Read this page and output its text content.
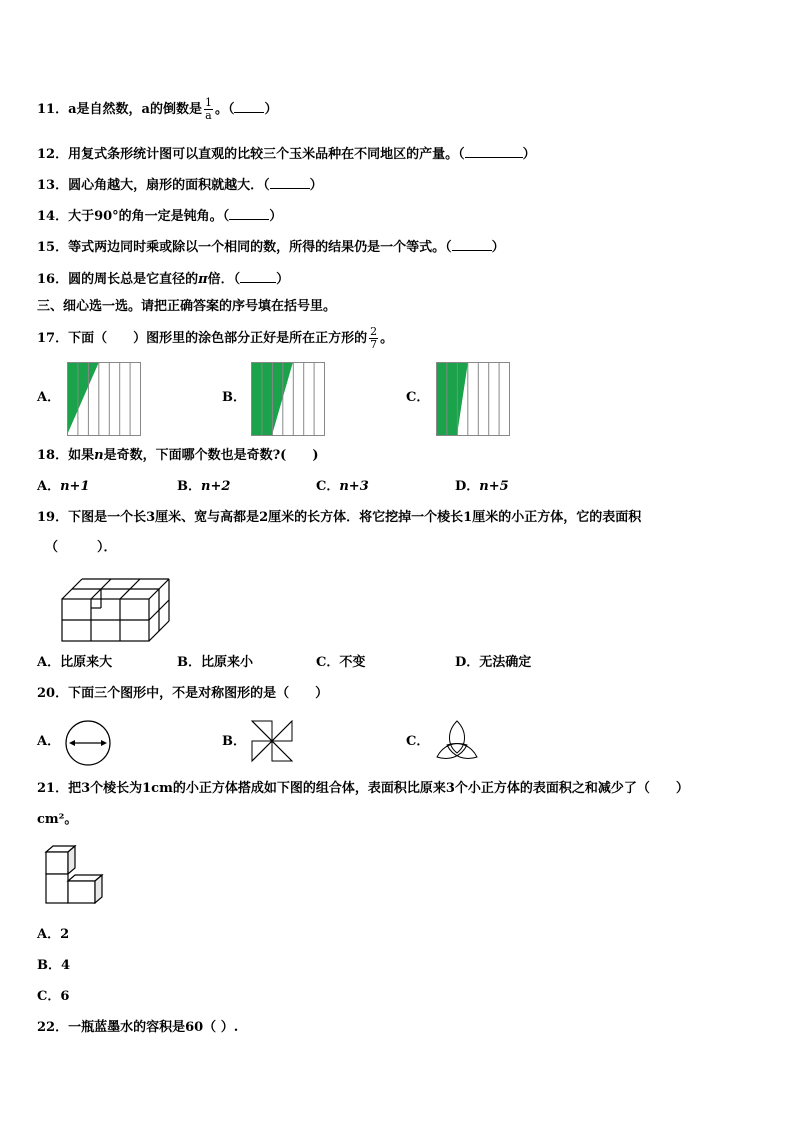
11．a是自然数，a的倒数是 $\frac{1}{a}$ 。（ ）
12．用复式条形统计图可以直观的比较三个玉米品种在不同地区的产量。（	）
13．圆心角越大，扇形的面积就越大．（	）
14．大于90°的角一定是钝角。（	）
15．等式两边同时乘或除以一个相同的数，所得的结果仍是一个等式。（	）
16．圆的周长总是它直径的π倍．（	）
三、细心选一选。请把正确答案的序号填在括号里。
17．下面（　　）图形里的涂色部分正好是所在正方形的 $\frac{2}{7}$ 。
A．	B．	C．
18．如果n是奇数，下面哪个数也是奇数?(　　)
A．n+1	B．n+2	C．n+3	D．n+5
19．下图是一个长3厘米、宽与高都是2厘米的长方体．将它挖掉一个棱长1厘米的小正方体，它的表面积
（　　　）．
A．比原来大	B．比原来小	C．不变	D．无法确定
20．下面三个图形中，不是对称图形的是（　　）
A．	B．	C．
21．把3个棱长为1cm的小正方体搭成如下图的组合体，表面积比原来3个小正方体的表面积之和减少了（　　）
cm²。
A．2
B．4
C．6
22．一瓶蓝墨水的容积是60（ ）.
